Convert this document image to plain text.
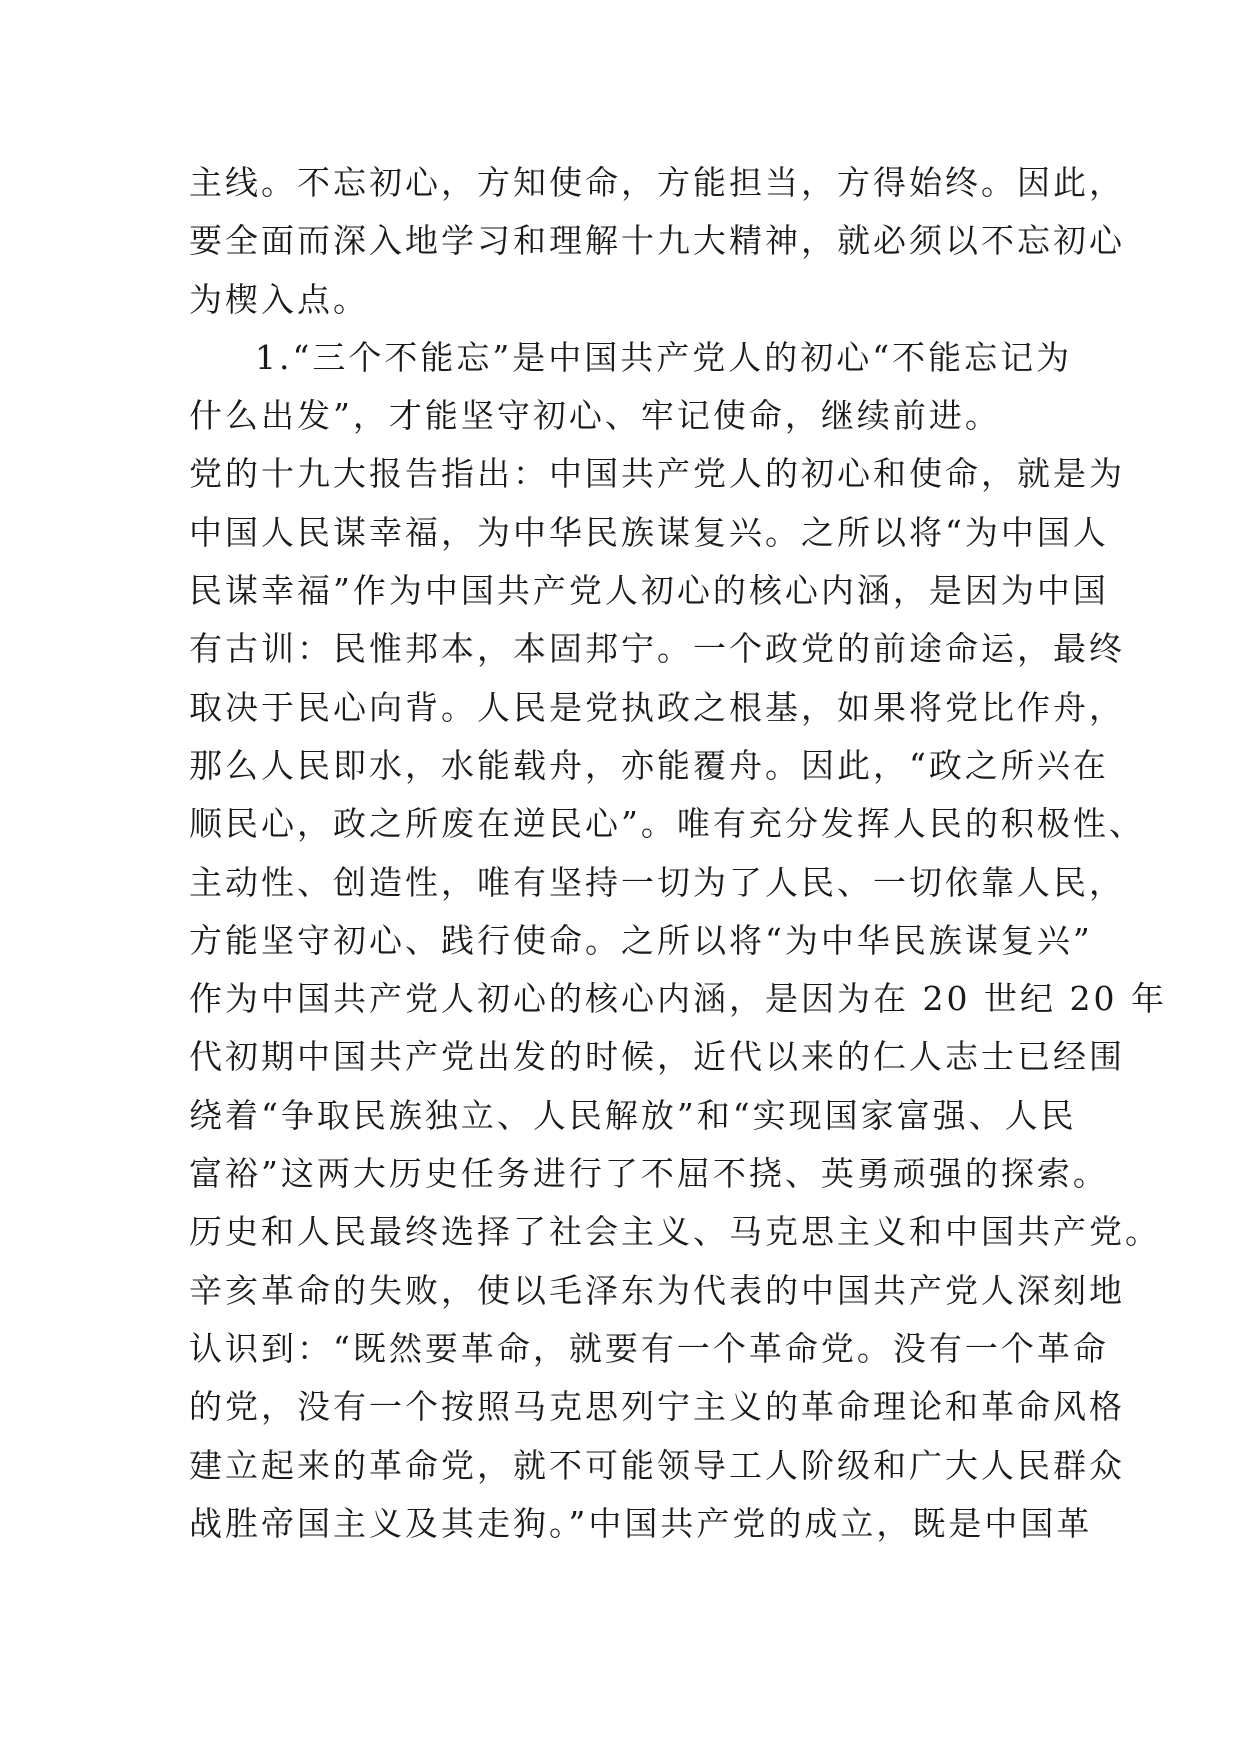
主线。不忘初心，方知使命，方能担当，方得始终。因此，
要全面而深入地学习和理解十九大精神，就必须以不忘初心
为楔入点。
1.“三个不能忘”是中国共产党人的初心“不能忘记为
什么出发”，才能坚守初心、牢记使命，继续前进。
党的十九大报告指出：中国共产党人的初心和使命，就是为
中国人民谋幸福，为中华民族谋复兴。之所以将“为中国人
民谋幸福”作为中国共产党人初心的核心内涵，是因为中国
有古训：民惟邦本，本固邦宁。一个政党的前途命运，最终
取决于民心向背。人民是党执政之根基，如果将党比作舟，
那么人民即水，水能载舟，亦能覆舟。因此，“政之所兴在
顺民心，政之所废在逆民心”。唯有充分发挥人民的积极性、
主动性、创造性，唯有坚持一切为了人民、一切依靠人民，
方能坚守初心、践行使命。之所以将“为中华民族谋复兴”
作为中国共产党人初心的核心内涵，是因为在 20 世纪 20 年
代初期中国共产党出发的时候，近代以来的仁人志士已经围
绕着“争取民族独立、人民解放”和“实现国家富强、人民
富裕”这两大历史任务进行了不屈不挠、英勇顽强的探索。
历史和人民最终选择了社会主义、马克思主义和中国共产党。
辛亥革命的失败，使以毛泽东为代表的中国共产党人深刻地
认识到：“既然要革命，就要有一个革命党。没有一个革命
的党，没有一个按照马克思列宁主义的革命理论和革命风格
建立起来的革命党，就不可能领导工人阶级和广大人民群众
战胜帝国主义及其走狗。”中国共产党的成立，既是中国革
